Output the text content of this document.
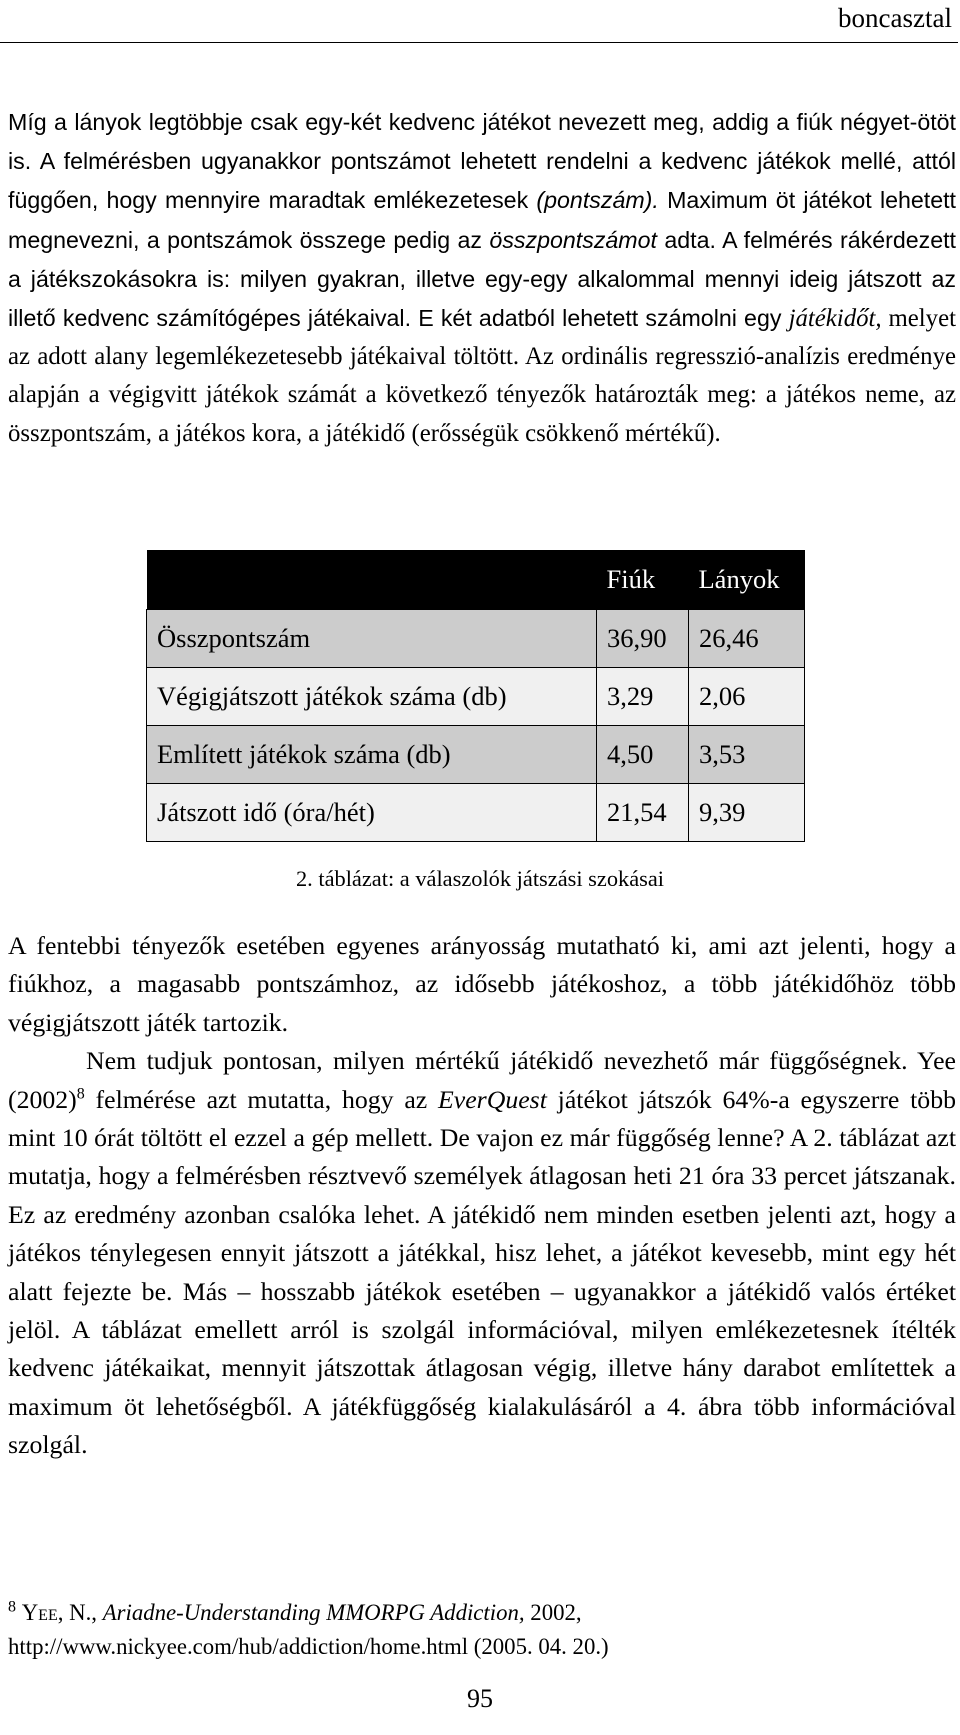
boncasztal
Míg a lányok legtöbbje csak egy-két kedvenc játékot nevezett meg, addig a fiúk négyet-ötöt is. A felmérésben ugyanakkor pontszámot lehetett rendelni a kedvenc játékok mellé, attól függően, hogy mennyire maradtak emlékezetesek (pontszám). Maximum öt játékot lehetett megnevezni, a pontszámok összege pedig az összpontszámot adta. A felmérés rákérdezett a játékszokásokra is: milyen gyakran, illetve egy-egy alkalommal mennyi ideig játszott az illető kedvenc számítógépes játékaival. E két adatból lehetett számolni egy játékidőt, melyet az adott alany legemlékezetesebb játékaival töltött. Az ordinális regresszió-analízis eredménye alapján a végigvitt játékok számát a következő tényezők határozták meg: a játékos neme, az összpontszám, a játékos kora, a játékidő (erősségük csökkenő mértékű).
	Fiúk	Lányok
Összpontszám	36,90	26,46
Végigjátszott játékok száma (db)	3,29	2,06
Említett játékok száma (db)	4,50	3,53
Játszott idő (óra/hét)	21,54	9,39
2. táblázat: a válaszolók játszási szokásai

A fentebbi tényezők esetében egyenes arányosság mutatható ki, ami azt jelenti, hogy a fiúkhoz, a magasabb pontszámhoz, az idősebb játékoshoz, a több játékidőhöz több végigjátszott játék tartozik.

Nem tudjuk pontosan, milyen mértékű játékidő nevezhető már függőségnek. Yee $(2002)^8$ felmérése azt mutatta, hogy az EverQuest játékot játszók 64%-a egyszerre több mint 10 órát töltött el ezzel a gép mellett. De vajon ez már függőség lenne? A 2. táblázat azt mutatja, hogy a felmérésben résztvevő személyek átlagosan heti 21 óra 33 percet játszanak. Ez az eredmény azonban csalóka lehet. A játékidő nem minden esetben jelenti azt, hogy a játékos ténylegesen ennyit játszott a játékkal, hisz lehet, a játékot kevesebb, mint egy hét alatt fejezte be. Más – hosszabb játékok esetében – ugyanakkor a játékidő valós értéket jelöl. A táblázat emellett arról is szolgál információval, milyen emlékezetesnek ítélték kedvenc játékaikat, mennyit játszottak átlagosan végig, illetve hány darabot említettek a maximum öt lehetőségből. A játékfüggőség kialakulásáról a 4. ábra több információval szolgál.

$^8$ Yee, N., Ariadne-Understanding MMORPG Addiction, 2002,
http://www.nickyee.com/hub/addiction/home.html (2005. 04. 20.)
95
